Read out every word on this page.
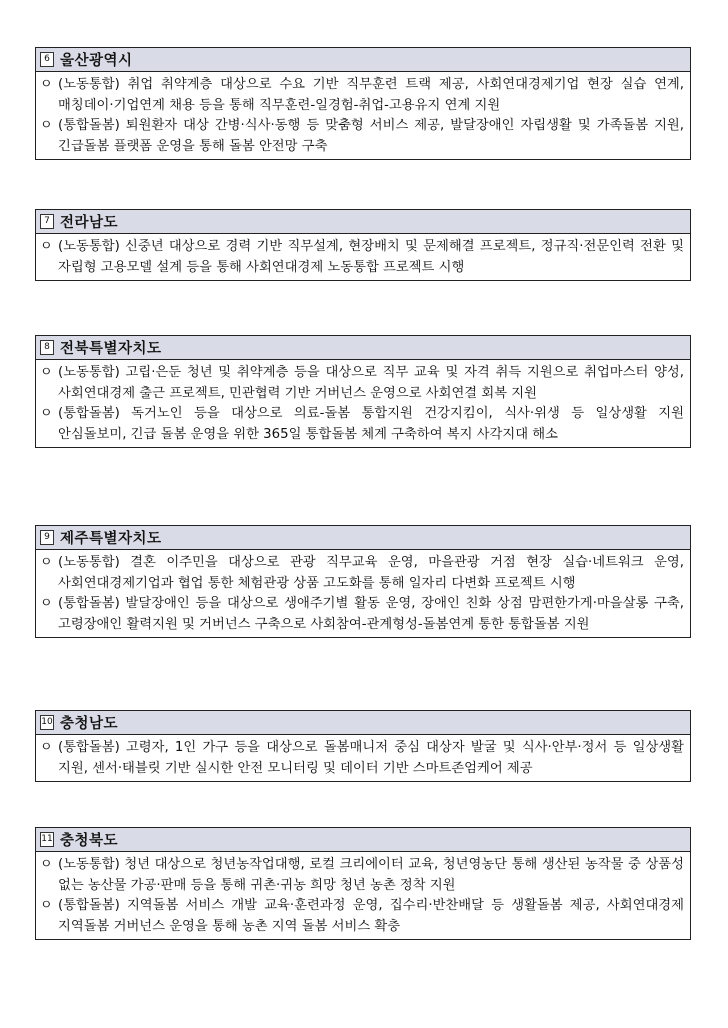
6 울산광역시
ㅇ (노동통합) 취업 취약계층 대상으로 수요 기반 직무훈련 트랙 제공, 사회연대경제기업 현장 실습 연계, 매칭데이·기업연계 채용 등을 통해 직무훈련-일경험-취업-고용유지 연계 지원
ㅇ (통합돌봄) 퇴원환자 대상 간병·식사·동행 등 맞춤형 서비스 제공, 발달장애인 자립생활 및 가족돌봄 지원, 긴급돌봄 플랫폼 운영을 통해 돌봄 안전망 구축
7 전라남도
ㅇ (노동통합) 신중년 대상으로 경력 기반 직무설계, 현장배치 및 문제해결 프로젝트, 정규직·전문인력 전환 및 자립형 고용모델 설계 등을 통해 사회연대경제 노동통합 프로젝트 시행
8 전북특별자치도
ㅇ (노동통합) 고립·은둔 청년 및 취약계층 등을 대상으로 직무 교육 및 자격 취득 지원으로 취업마스터 양성, 사회연대경제 출근 프로젝트, 민관협력 기반 거버넌스 운영으로 사회연결 회복 지원
ㅇ (통합돌봄) 독거노인 등을 대상으로 의료-돌봄 통합지원 건강지킴이, 식사·위생 등 일상생활 지원 안심돌보미, 긴급 돌봄 운영을 위한 365일 통합돌봄 체계 구축하여 복지 사각지대 해소
9 제주특별자치도
ㅇ (노동통합) 결혼 이주민을 대상으로 관광 직무교육 운영, 마을관광 거점 현장 실습·네트워크 운영, 사회연대경제기업과 협업 통한 체험관광 상품 고도화를 통해 일자리 다변화 프로젝트 시행
ㅇ (통합돌봄) 발달장애인 등을 대상으로 생애주기별 활동 운영, 장애인 친화 상점 맘편한가게·마을살롱 구축, 고령장애인 활력지원 및 거버넌스 구축으로 사회참여-관계형성-돌봄연계 통한 통합돌봄 지원
10 충청남도
ㅇ (통합돌봄) 고령자, 1인 가구 등을 대상으로 돌봄매니저 중심 대상자 발굴 및 식사·안부·정서 등 일상생활 지원, 센서·태블릿 기반 실시한 안전 모니터링 및 데이터 기반 스마트존엄케어 제공
11 충청북도
ㅇ (노동통합) 청년 대상으로 청년농작업대행, 로컬 크리에이터 교육, 청년영농단 통해 생산된 농작물 중 상품성 없는 농산물 가공·판매 등을 통해 귀촌·귀농 희망 청년 농촌 정착 지원
ㅇ (통합돌봄) 지역돌봄 서비스 개발 교육·훈련과정 운영, 집수리·반찬배달 등 생활돌봄 제공, 사회연대경제 지역돌봄 거버넌스 운영을 통해 농촌 지역 돌봄 서비스 확충
